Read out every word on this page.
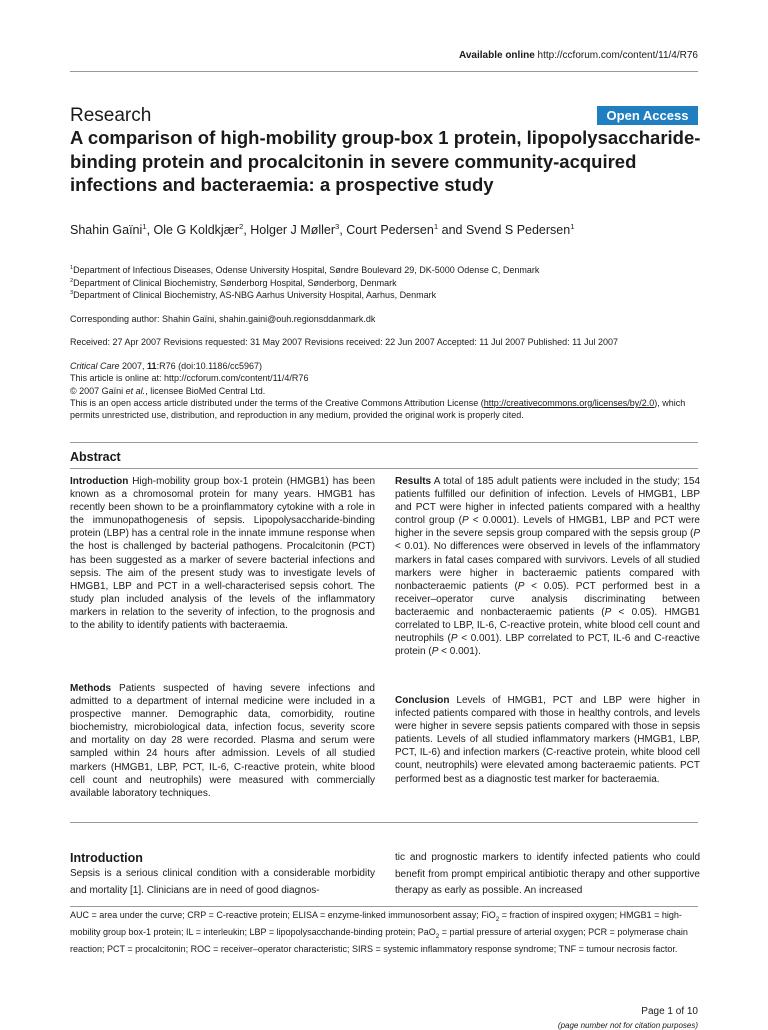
Available online http://ccforum.com/content/11/4/R76
Research	Open Access
A comparison of high-mobility group-box 1 protein, lipopolysaccharide-binding protein and procalcitonin in severe community-acquired infections and bacteraemia: a prospective study
Shahin Gaïni$^1$, Ole G Koldkjær$^2$, Holger J Møller$^3$, Court Pedersen$^1$ and Svend S Pedersen$^1$
$^1$Department of Infectious Diseases, Odense University Hospital, Søndre Boulevard 29, DK-5000 Odense C, Denmark
$^2$Department of Clinical Biochemistry, Sønderborg Hospital, Sønderborg, Denmark
$^3$Department of Clinical Biochemistry, AS-NBG Aarhus University Hospital, Aarhus, Denmark
Corresponding author: Shahin Gaïni, shahin.gaini@ouh.regionsddanmark.dk
Received: 27 Apr 2007 Revisions requested: 31 May 2007 Revisions received: 22 Jun 2007 Accepted: 11 Jul 2007 Published: 11 Jul 2007
Critical Care 2007, 11:R76 (doi:10.1186/cc5967)
This article is online at: http://ccforum.com/content/11/4/R76
© 2007 Gaïni et al., licensee BioMed Central Ltd.
This is an open access article distributed under the terms of the Creative Commons Attribution License (http://creativecommons.org/licenses/by/2.0), which permits unrestricted use, distribution, and reproduction in any medium, provided the original work is properly cited.
Abstract
Introduction High-mobility group box-1 protein (HMGB1) has been known as a chromosomal protein for many years. HMGB1 has recently been shown to be a proinflammatory cytokine with a role in the immunopathogenesis of sepsis. Lipopolysaccharide-binding protein (LBP) has a central role in the innate immune response when the host is challenged by bacterial pathogens. Procalcitonin (PCT) has been suggested as a marker of severe bacterial infections and sepsis. The aim of the present study was to investigate levels of HMGB1, LBP and PCT in a well-characterised sepsis cohort. The study plan included analysis of the levels of the inflammatory markers in relation to the severity of infection, to the prognosis and to the ability to identify patients with bacteraemia.
Methods Patients suspected of having severe infections and admitted to a department of internal medicine were included in a prospective manner. Demographic data, comorbidity, routine biochemistry, microbiological data, infection focus, severity score and mortality on day 28 were recorded. Plasma and serum were sampled within 24 hours after admission. Levels of all studied markers (HMGB1, LBP, PCT, IL-6, C-reactive protein, white blood cell count and neutrophils) were measured with commercially available laboratory techniques.
Results A total of 185 adult patients were included in the study; 154 patients fulfilled our definition of infection. Levels of HMGB1, LBP and PCT were higher in infected patients compared with a healthy control group (P < 0.0001). Levels of HMGB1, LBP and PCT were higher in the severe sepsis group compared with the sepsis group (P < 0.01). No differences were observed in levels of the inflammatory markers in fatal cases compared with survivors. Levels of all studied markers were higher in bacteraemic patients compared with nonbacteraemic patients (P < 0.05). PCT performed best in a receiver–operator curve analysis discriminating between bacteraemic and nonbacteraemic patients (P < 0.05). HMGB1 correlated to LBP, IL-6, C-reactive protein, white blood cell count and neutrophils (P < 0.001). LBP correlated to PCT, IL-6 and C-reactive protein (P < 0.001).
Conclusion Levels of HMGB1, PCT and LBP were higher in infected patients compared with those in healthy controls, and levels were higher in severe sepsis patients compared with those in sepsis patients. Levels of all studied inflammatory markers (HMGB1, LBP, PCT, IL-6) and infection markers (C-reactive protein, white blood cell count, neutrophils) were elevated among bacteraemic patients. PCT performed best as a diagnostic test marker for bacteraemia.
Introduction
Sepsis is a serious clinical condition with a considerable morbidity and mortality [1]. Clinicians are in need of good diagnos-
tic and prognostic markers to identify infected patients who could benefit from prompt empirical antibiotic therapy and other supportive therapy as early as possible. An increased
AUC = area under the curve; CRP = C-reactive protein; ELISA = enzyme-linked immunosorbent assay; FiO$_2$ = fraction of inspired oxygen; HMGB1 = high-mobility group box-1 protein; IL = interleukin; LBP = lipopolysacchande-binding protein; PaO$_2$ = partial pressure of arterial oxygen; PCR = polymerase chain reaction; PCT = procalcitonin; ROC = receiver–operator characteristic; SIRS = systemic inflammatory response syndrome; TNF = tumour necrosis factor.
Page 1 of 10
(page number not for citation purposes)
